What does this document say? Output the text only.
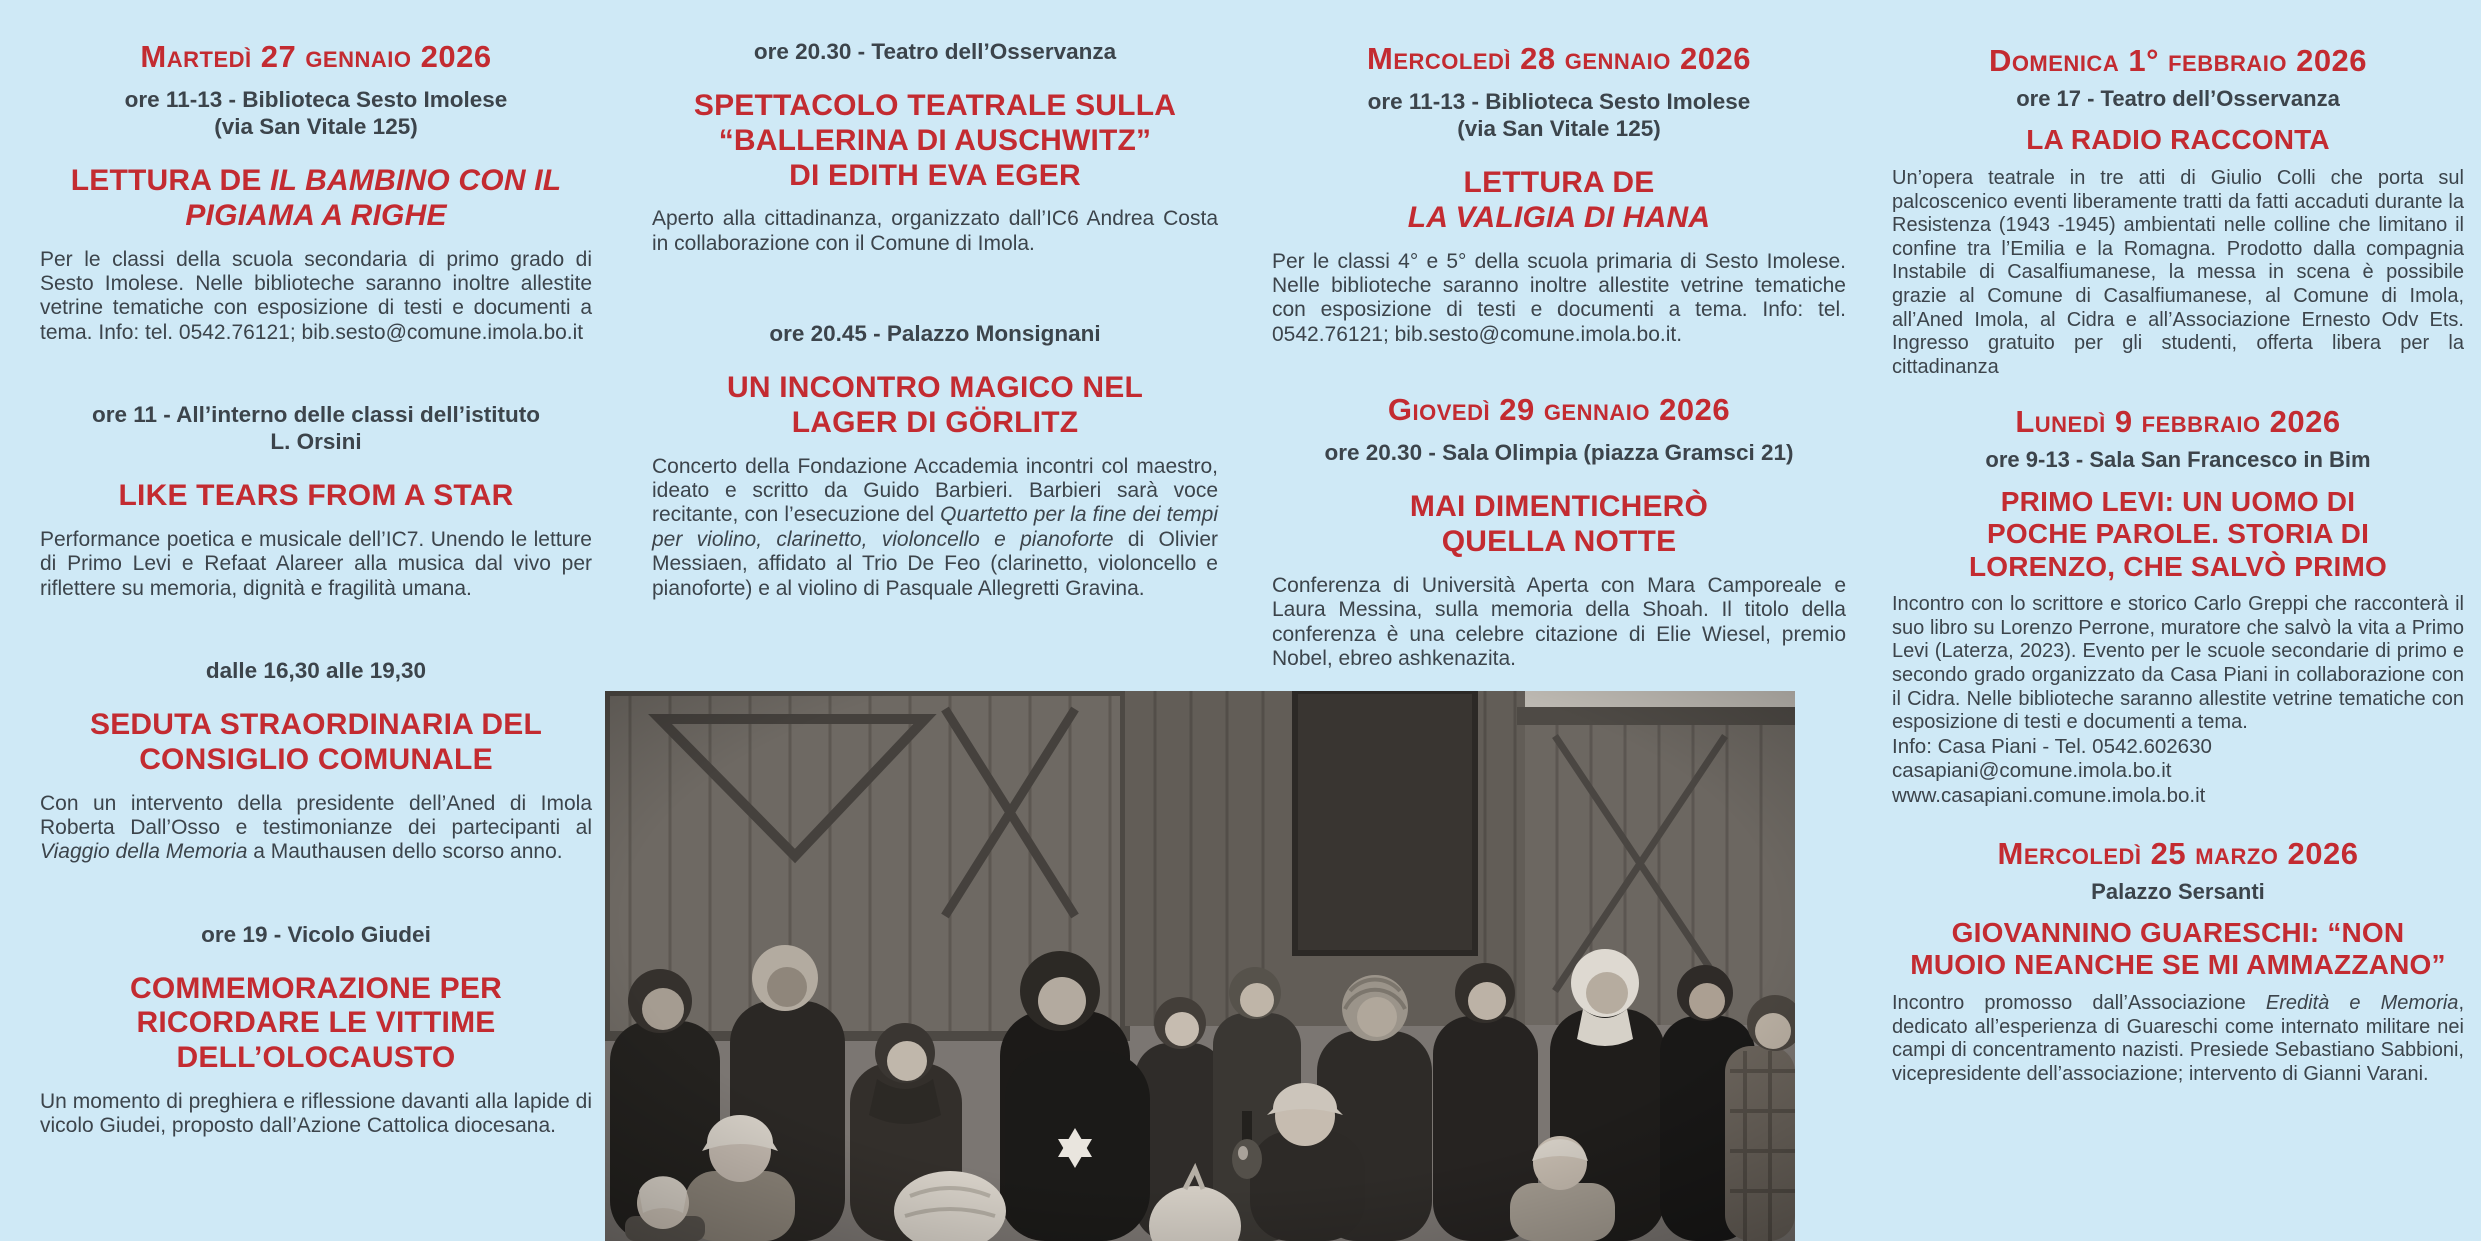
Martedì 27 gennaio 2026
ore 11-13 - Biblioteca Sesto Imolese
(via San Vitale 125)
LETTURA DE IL BAMBINO CON IL
PIGIAMA A RIGHE

Per le classi della scuola secondaria di primo grado di Sesto Imolese. Nelle biblioteche saranno inoltre allestite vetrine tematiche con esposizione di testi e documenti a tema. Info: tel. 0542.76121; bib.sesto@comune.imola.bo.it

ore 11 - All’interno delle classi dell’istituto
L. Orsini
LIKE TEARS FROM A STAR

Performance poetica e musicale dell’IC7. Unendo le letture di Primo Levi e Refaat Alareer alla musica dal vivo per riflettere su memoria, dignità e fragilità umana.

dalle 16,30 alle 19,30
SEDUTA STRAORDINARIA DEL
CONSIGLIO COMUNALE

Con un intervento della presidente dell’Aned di Imola Roberta Dall’Osso e testimonianze dei partecipanti al Viaggio della Memoria a Mauthausen dello scorso anno.

ore 19 - Vicolo Giudei
COMMEMORAZIONE PER
RICORDARE LE VITTIME
DELL’OLOCAUSTO

Un momento di preghiera e riflessione davanti alla lapide di vicolo Giudei, proposto dall’Azione Cattolica diocesana.

ore 20.30 - Teatro dell’Osservanza
SPETTACOLO TEATRALE SULLA
“BALLERINA DI AUSCHWITZ”
DI EDITH EVA EGER

Aperto alla cittadinanza, organizzato dall’IC6 Andrea Costa in collaborazione con il Comune di Imola.

ore 20.45 - Palazzo Monsignani
UN INCONTRO MAGICO NEL
LAGER DI GÖRLITZ

Concerto della Fondazione Accademia incontri col maestro, ideato e scritto da Guido Barbieri. Barbieri sarà voce recitante, con l’esecuzione del Quartetto per la fine dei tempi per violino, clarinetto, violoncello e pianoforte di Olivier Messiaen, affidato al Trio De Feo (clarinetto, violoncello e pianoforte) e al violino di Pasquale Allegretti Gravina.

Mercoledì 28 gennaio 2026
ore 11-13 - Biblioteca Sesto Imolese
(via San Vitale 125)
LETTURA DE
LA VALIGIA DI HANA

Per le classi 4° e 5° della scuola primaria di Sesto Imolese. Nelle biblioteche saranno inoltre allestite vetrine tematiche con esposizione di testi e documenti a tema. Info: tel. 0542.76121; bib.sesto@comune.imola.bo.it.

Giovedì 29 gennaio 2026
ore 20.30 - Sala Olimpia (piazza Gramsci 21)
MAI DIMENTICHERÒ
QUELLA NOTTE

Conferenza di Università Aperta con Mara Camporeale e Laura Messina, sulla memoria della Shoah. Il titolo della conferenza è una celebre citazione di Elie Wiesel, premio Nobel, ebreo ashkenazita.

Domenica 1° febbraio 2026
ore 17 - Teatro dell’Osservanza
LA RADIO RACCONTA

Un’opera teatrale in tre atti di Giulio Colli che porta sul palcoscenico eventi liberamente tratti da fatti accaduti durante la Resistenza (1943 -1945) ambientati nelle colline che limitano il confine tra l’Emilia e la Romagna. Prodotto dalla compagnia Instabile di Casalfiumanese, la messa in scena è possibile grazie al Comune di Casalfiumanese, al Comune di Imola, all’Aned Imola, al Cidra e all’Associazione Ernesto Odv Ets. Ingresso gratuito per gli studenti, offerta libera per la cittadinanza

Lunedì 9 febbraio 2026
ore 9-13 - Sala San Francesco in Bim
PRIMO LEVI: UN UOMO DI
POCHE PAROLE. STORIA DI
LORENZO, CHE SALVÒ PRIMO

Incontro con lo scrittore e storico Carlo Greppi che racconterà il suo libro su Lorenzo Perrone, muratore che salvò la vita a Primo Levi (Laterza, 2023). Evento per le scuole secondarie di primo e secondo grado organizzato da Casa Piani in collaborazione con il Cidra. Nelle biblioteche saranno allestite vetrine tematiche con esposizione di testi e documenti a tema.

Info: Casa Piani - Tel. 0542.602630
casapiani@comune.imola.bo.it
www.casapiani.comune.imola.bo.it
Mercoledì 25 marzo 2026
Palazzo Sersanti
GIOVANNINO GUARESCHI: “NON
MUOIO NEANCHE SE MI AMMAZZANO”

Incontro promosso dall’Associazione Eredità e Memoria, dedicato all’esperienza di Guareschi come internato militare nei campi di concentramento nazisti. Presiede Sebastiano Sabbioni, vicepresidente dell’associazione; intervento di Gianni Varani.
